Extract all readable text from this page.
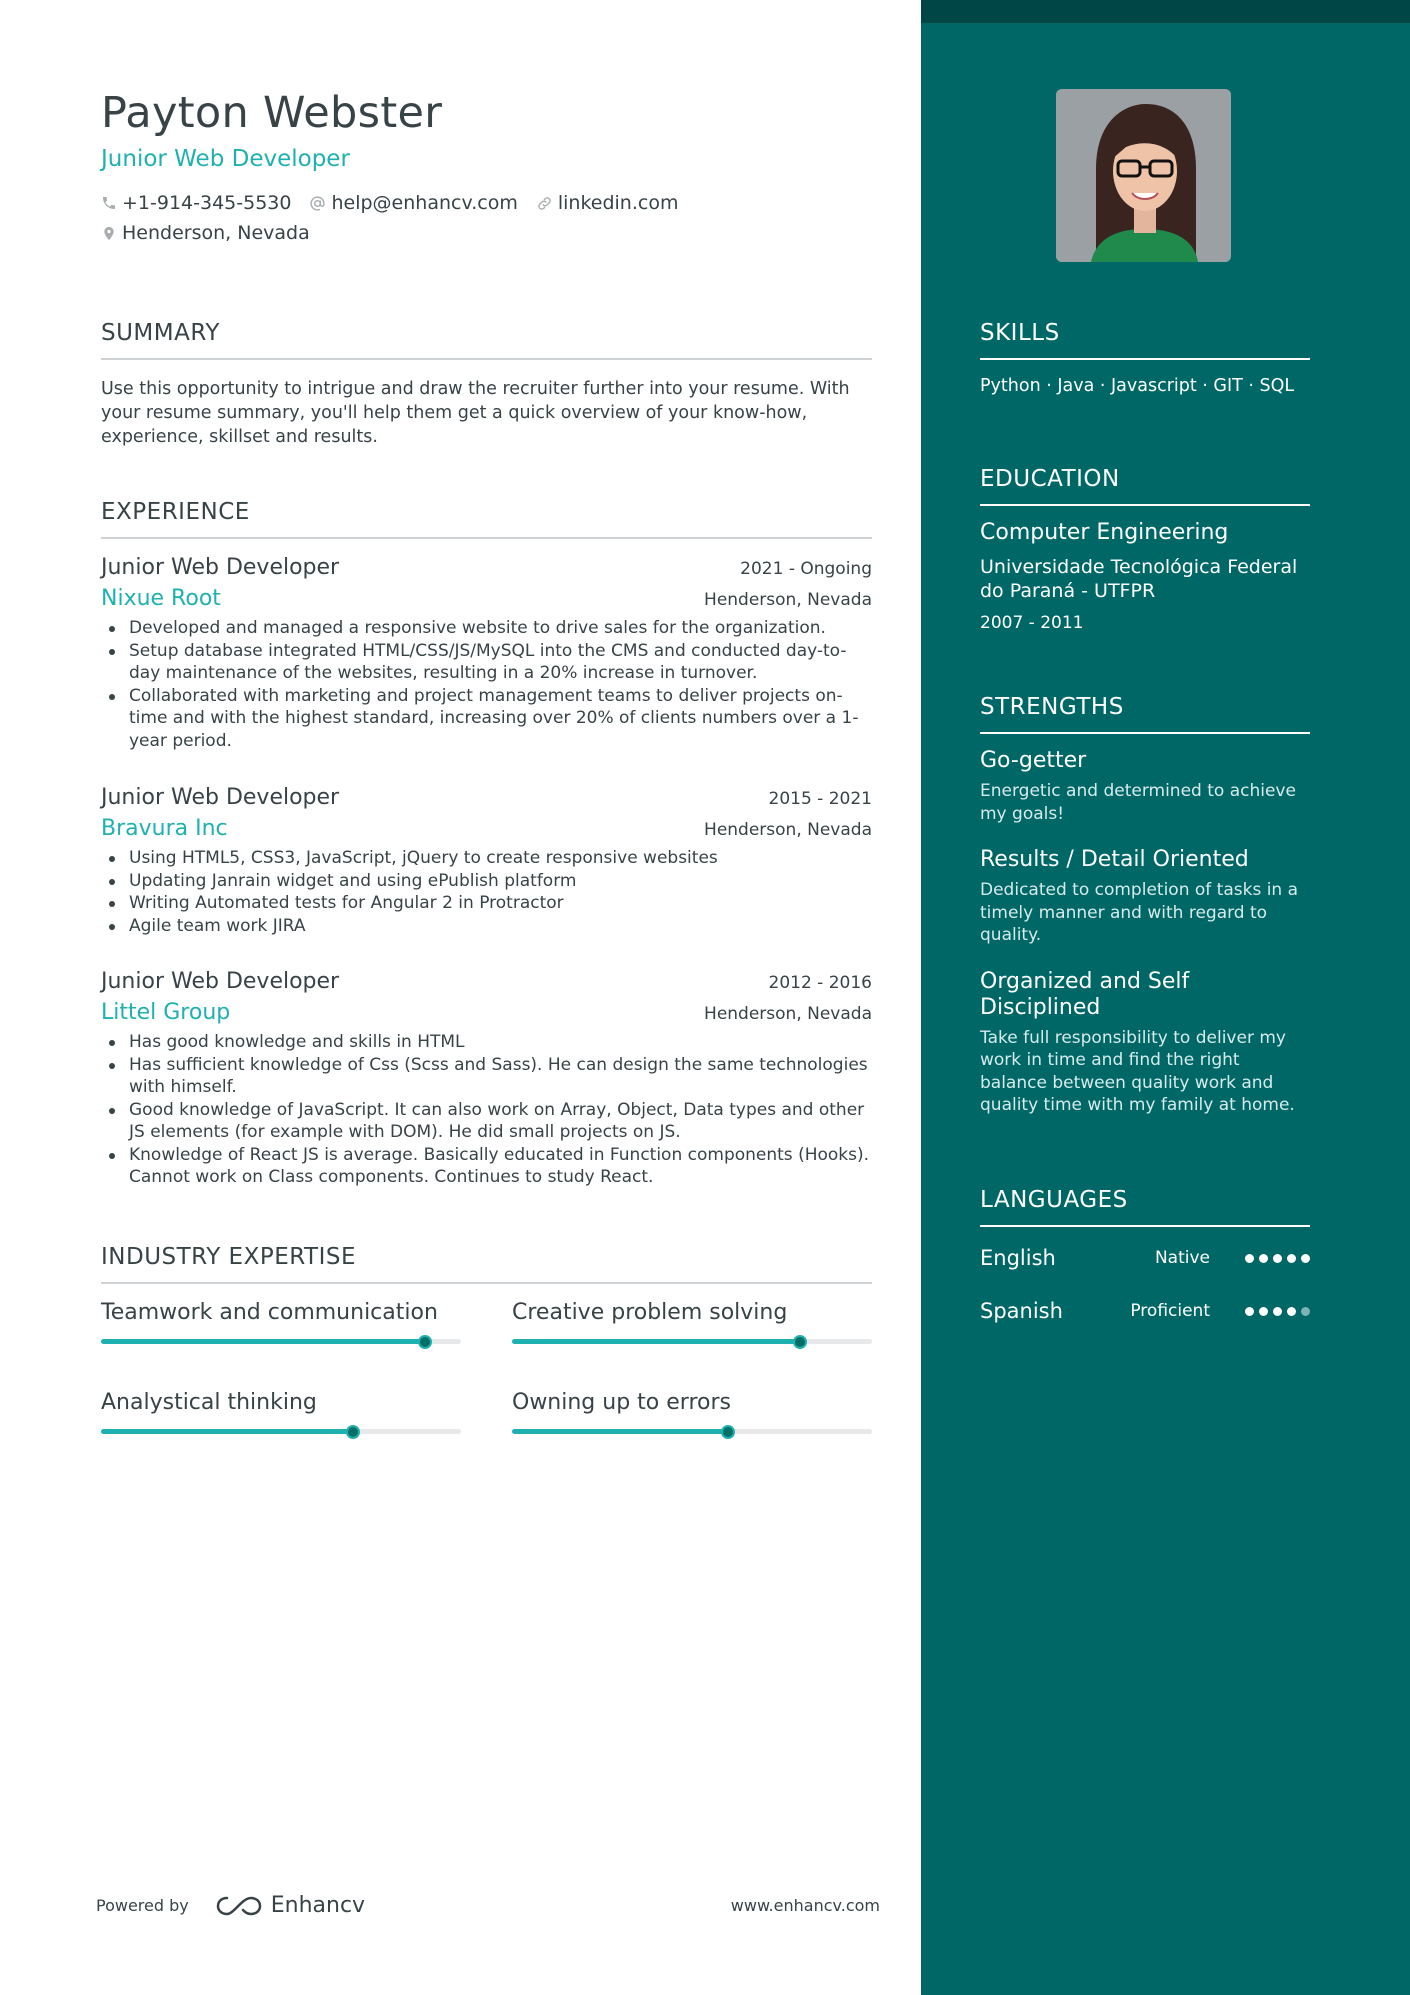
Payton Webster
Junior Web Developer
+1-914-345-5530 help@enhancv.com linkedin.com
Henderson, Nevada
SUMMARY
Use this opportunity to intrigue and draw the recruiter further into your resume. With your resume summary, you'll help them get a quick overview of your know-how, experience, skillset and results.
EXPERIENCE
Junior Web Developer	2021 - Ongoing
Nixue Root	Henderson, Nevada
Developed and managed a responsive website to drive sales for the organization.
Setup database integrated HTML/CSS/JS/MySQL into the CMS and conducted day-to-day maintenance of the websites, resulting in a 20% increase in turnover.
Collaborated with marketing and project management teams to deliver projects on-time and with the highest standard, increasing over 20% of clients numbers over a 1-year period.
Junior Web Developer	2015 - 2021
Bravura Inc	Henderson, Nevada
Using HTML5, CSS3, JavaScript, jQuery to create responsive websites
Updating Janrain widget and using ePublish platform
Writing Automated tests for Angular 2 in Protractor
Agile team work JIRA
Junior Web Developer	2012 - 2016
Littel Group	Henderson, Nevada
Has good knowledge and skills in HTML
Has sufficient knowledge of Css (Scss and Sass). He can design the same technologies with himself.
Good knowledge of JavaScript. It can also work on Array, Object, Data types and other JS elements (for example with DOM). He did small projects on JS.
Knowledge of React JS is average. Basically educated in Function components (Hooks). Cannot work on Class components. Continues to study React.
INDUSTRY EXPERTISE
Teamwork and communication	Creative problem solving
Analystical thinking	Owning up to errors
Powered by	Enhancv	www.enhancv.com
SKILLS
Python · Java · Javascript · GIT · SQL
EDUCATION
Computer Engineering
Universidade Tecnológica Federal do Paraná - UTFPR
2007 - 2011
STRENGTHS
Go-getter
Energetic and determined to achieve my goals!
Results / Detail Oriented
Dedicated to completion of tasks in a timely manner and with regard to quality.
Organized and Self Disciplined
Take full responsibility to deliver my work in time and find the right balance between quality work and quality time with my family at home.
LANGUAGES
English	Native
Spanish	Proficient
